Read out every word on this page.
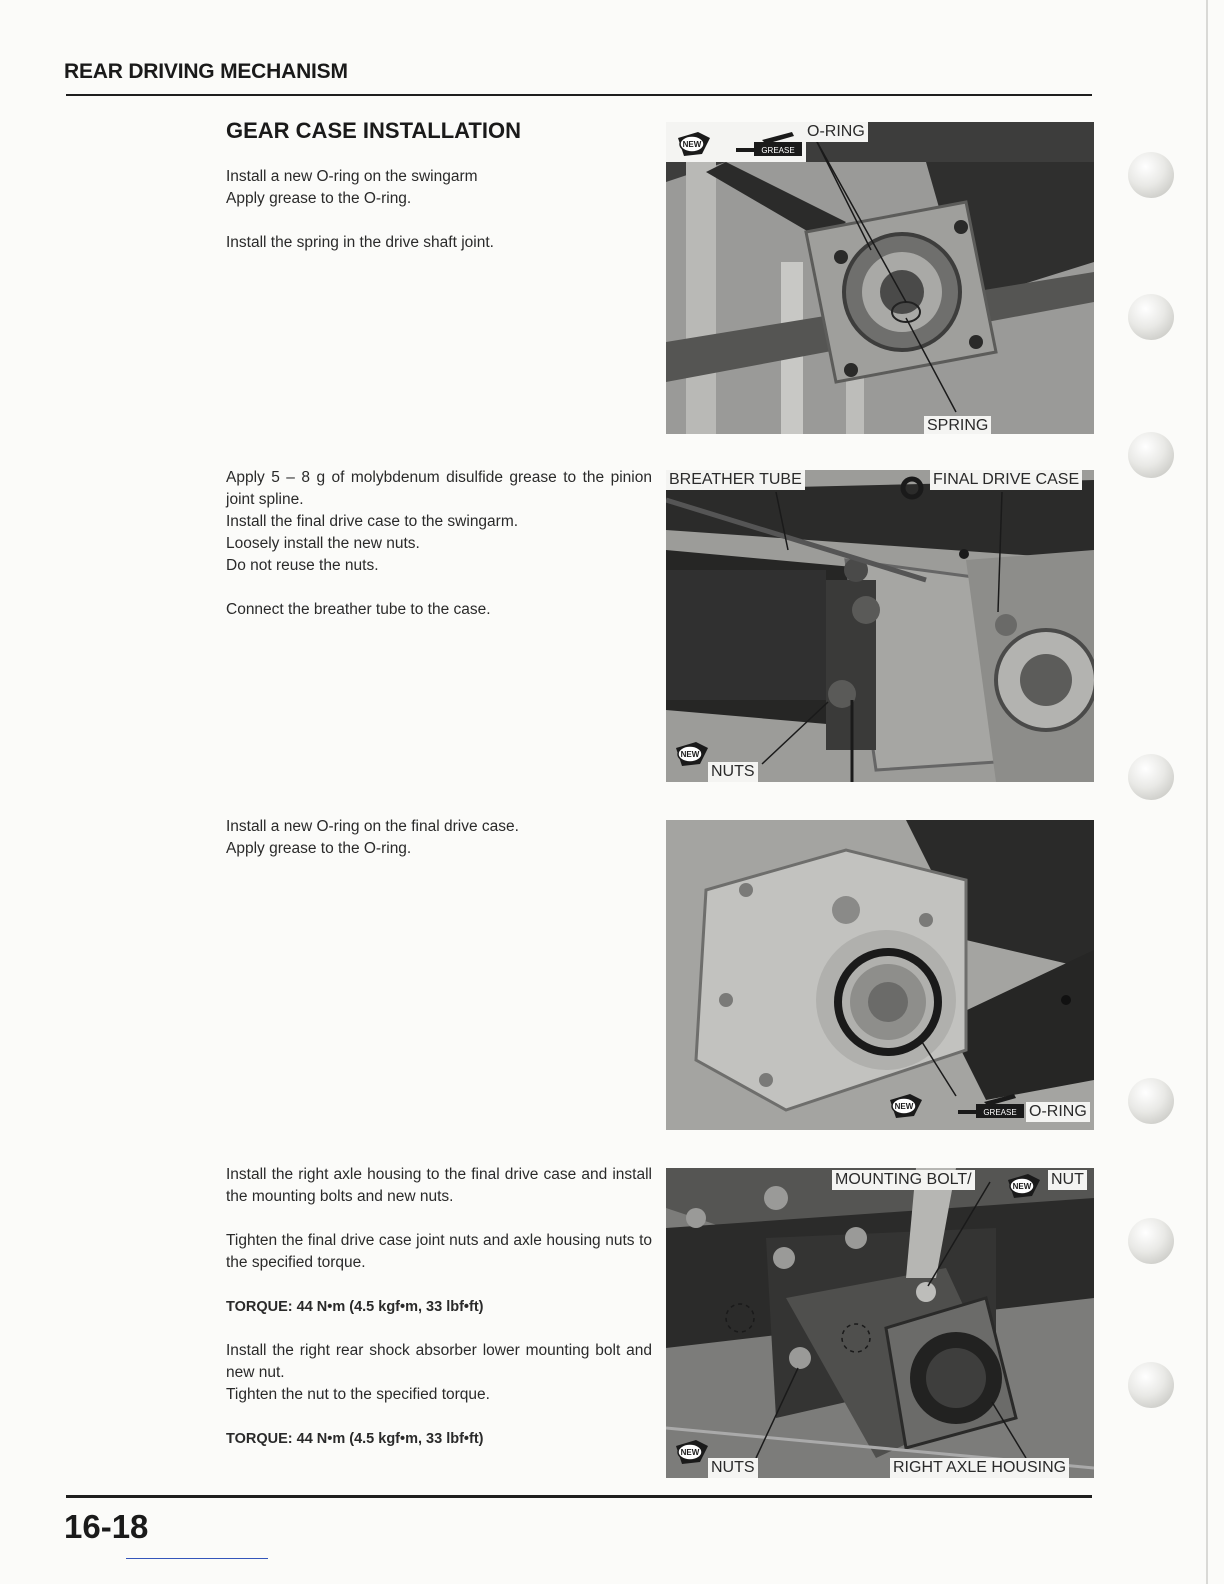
REAR DRIVING MECHANISM
GEAR CASE INSTALLATION

Install a new O-ring on the swingarm

Apply grease to the O-ring.

Install the spring in the drive shaft joint.

Apply 5 – 8 g of molybdenum disulfide grease to the pinion joint spline.

Install the final drive case to the swingarm.

Loosely install the new nuts.

Do not reuse the nuts.

Connect the breather tube to the case.

Install a new O-ring on the final drive case.

Apply grease to the O-ring.

Install the right axle housing to the final drive case and install the mounting bolts and new nuts.

Tighten the final drive case joint nuts and axle housing nuts to the specified torque.

TORQUE: 44 N•m (4.5 kgf•m, 33 lbf•ft)

Install the right rear shock absorber lower mounting bolt and new nut.

Tighten the nut to the specified torque.

TORQUE: 44 N•m (4.5 kgf•m, 33 lbf•ft)

NEW
GREASE
O-RING
SPRING
BREATHER TUBE	FINAL DRIVE CASE
NEW
NUTS
NEW
GREASE O-RING
MOUNTING BOLT/	NEW NUT
NEW
NUTS	RIGHT AXLE HOUSING
16-18
